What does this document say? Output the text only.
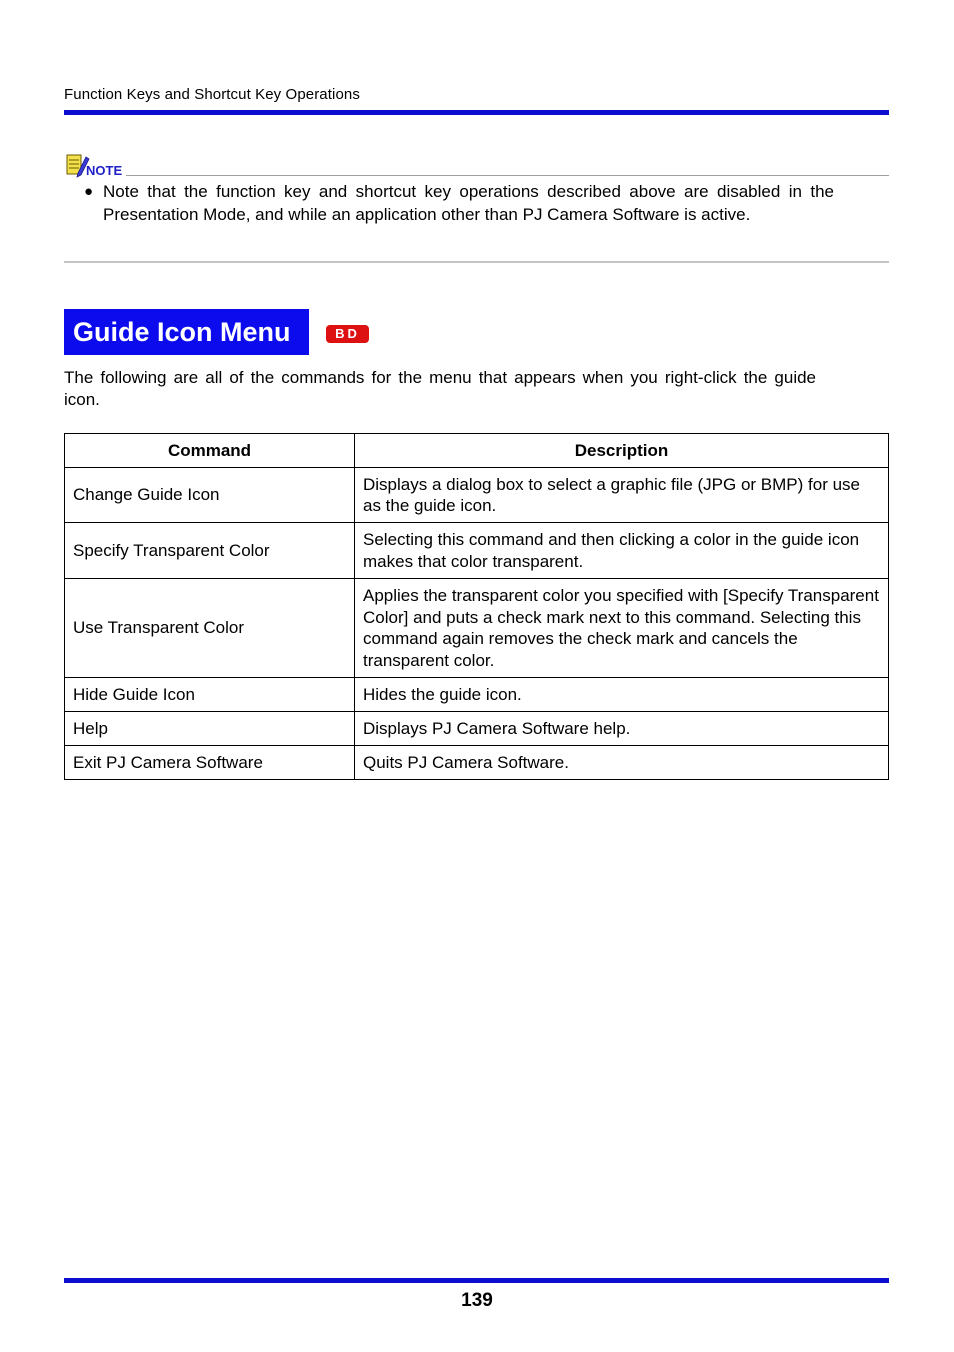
Function Keys and Shortcut Key Operations
NOTE
● Note that the function key and shortcut key operations described above are disabled in the Presentation Mode, and while an application other than PJ Camera Software is active.
Guide Icon Menu	BD
The following are all of the commands for the menu that appears when you right-click the guide icon.
Command	Description
Change Guide Icon	Displays a dialog box to select a graphic file (JPG or BMP) for use as the guide icon.
Specify Transparent Color	Selecting this command and then clicking a color in the guide icon makes that color transparent.
Use Transparent Color	Applies the transparent color you specified with [Specify Transparent Color] and puts a check mark next to this command. Selecting this command again removes the check mark and cancels the transparent color.
Hide Guide Icon	Hides the guide icon.
Help	Displays PJ Camera Software help.
Exit PJ Camera Software	Quits PJ Camera Software.
139
